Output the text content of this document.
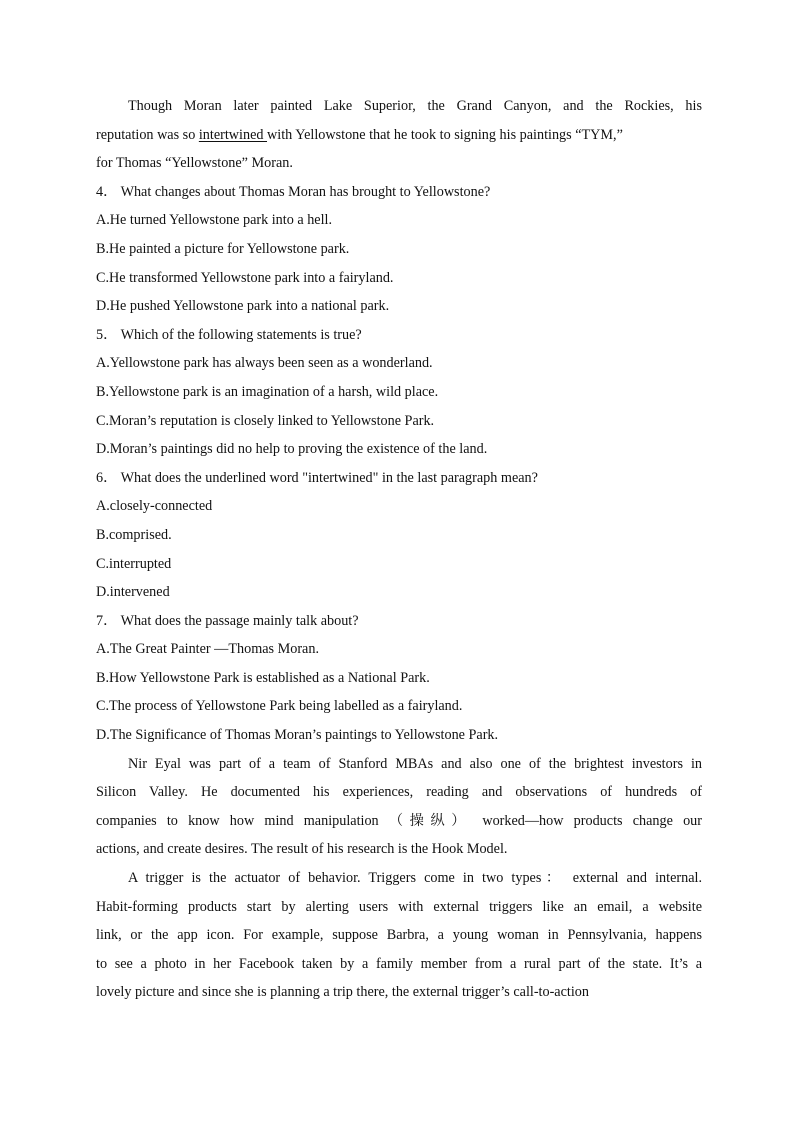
Though Moran later painted Lake Superior, the Grand Canyon, and the Rockies, his
reputation was so intertwined with Yellowstone that he took to signing his paintings “TYM,”
for Thomas “Yellowstone” Moran.
4． What changes about Thomas Moran has brought to Yellowstone?
A.He turned Yellowstone park into a hell.
B.He painted a picture for Yellowstone park.
C.He transformed Yellowstone park into a fairyland.
D.He pushed Yellowstone park into a national park.
5． Which of the following statements is true?
A.Yellowstone park has always been seen as a wonderland.
B.Yellowstone park is an imagination of a harsh, wild place.
C.Moran’s reputation is closely linked to Yellowstone Park.
D.Moran’s paintings did no help to proving the existence of the land.
6． What does the underlined word "intertwined" in the last paragraph mean?
A.closely-connected
B.comprised.
C.interrupted
D.intervened
7． What does the passage mainly talk about?
A.The Great Painter —Thomas Moran.
B.How Yellowstone Park is established as a National Park.
C.The process of Yellowstone Park being labelled as a fairyland.
D.The Significance of Thomas Moran’s paintings to Yellowstone Park.
Nir Eyal was part of a team of Stanford MBAs and also one of the brightest investors in
Silicon Valley. He documented his experiences, reading and observations of hundreds of
companies to know how mind manipulation （操纵） worked—how products change our
actions, and create desires. The result of his research is the Hook Model.
A trigger is the actuator of behavior. Triggers come in two types： external and internal.
Habit-forming products start by alerting users with external triggers like an email, a website
link, or the app icon. For example, suppose Barbra, a young woman in Pennsylvania, happens
to see a photo in her Facebook taken by a family member from a rural part of the state. It’s a
lovely picture and since she is planning a trip there, the external trigger’s call-to-action
